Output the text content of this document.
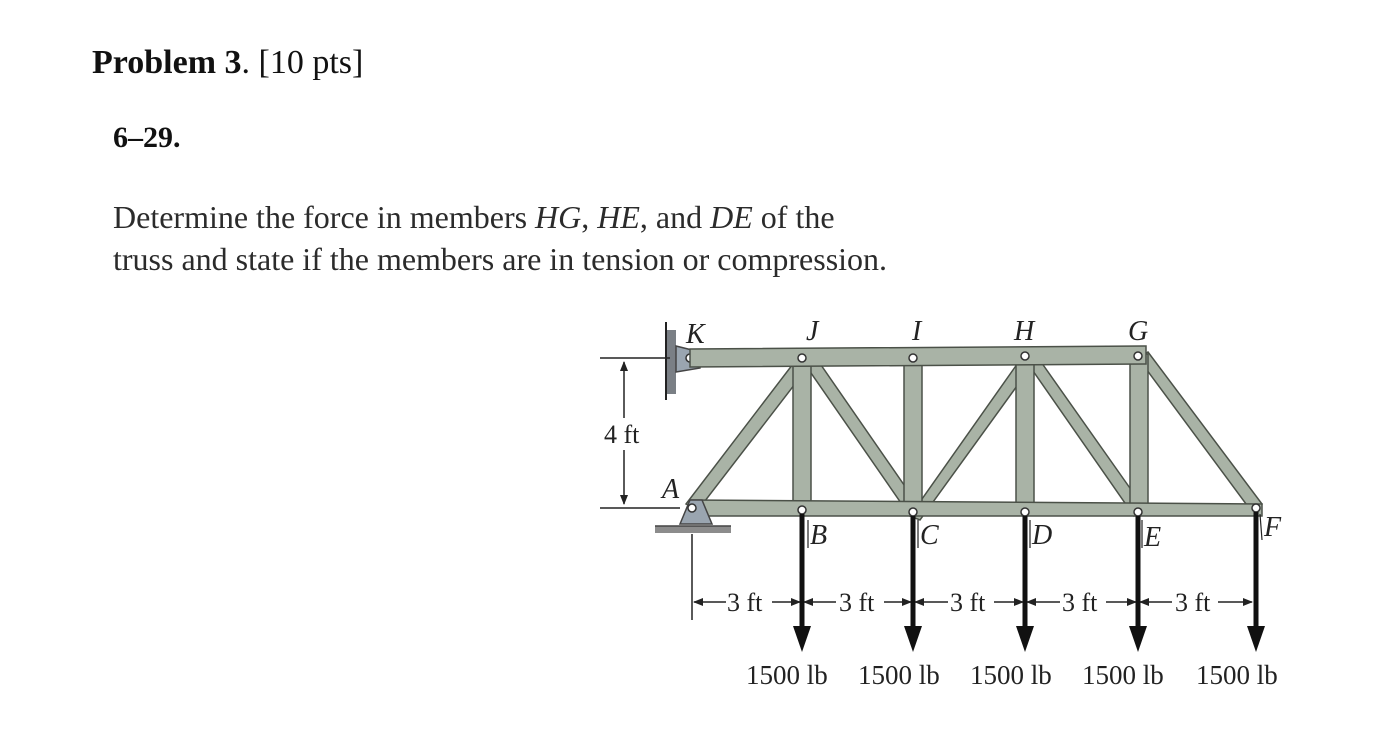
Problem 3. [10 pts]
6–29.
Determine the force in members HG, HE, and DE of the
truss and state if the members are in tension or compression.
4 ft
3 ft	3 ft	3 ft	3 ft	3 ft
1500 lb 1500 lb 1500 lb 1500 lb 1500 lb
K	J	I	H	G
A
B	C	D	E	F
